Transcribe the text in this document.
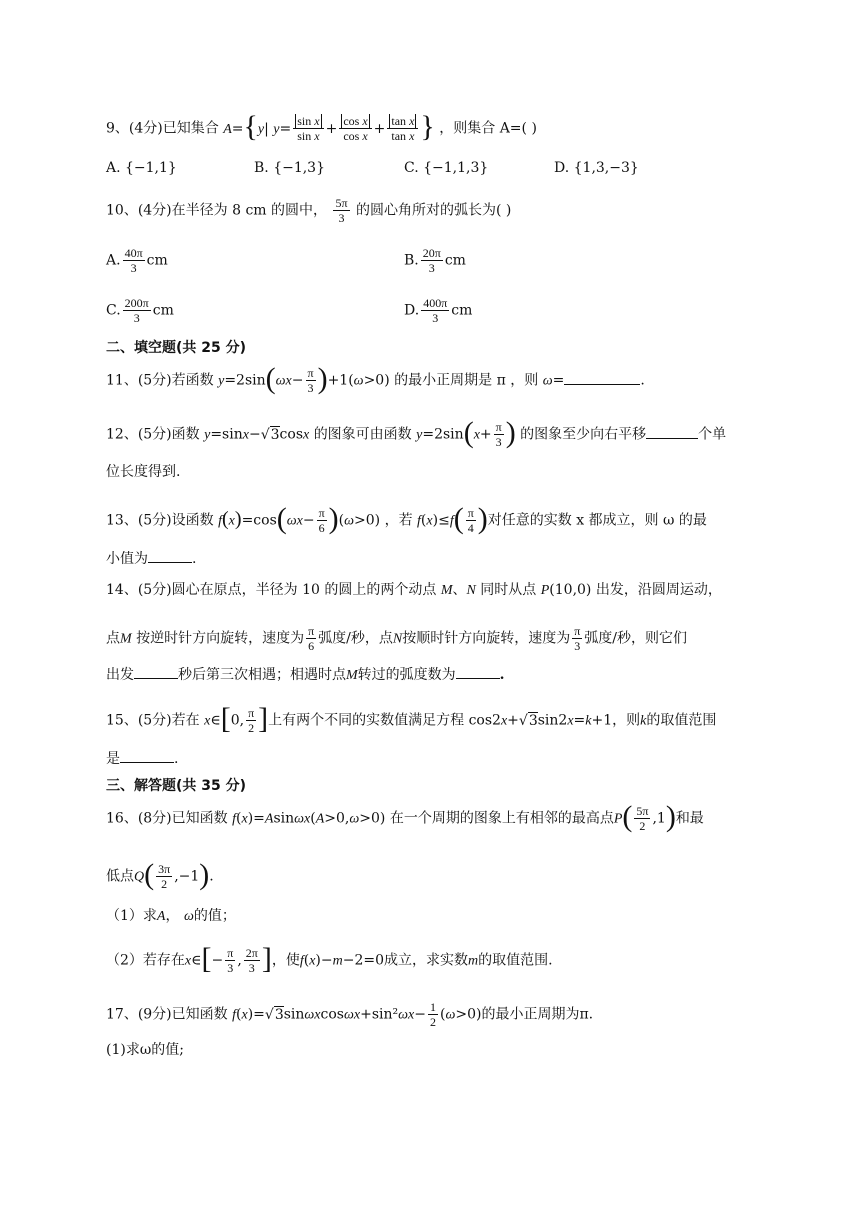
9、(4分)已知集合 A={y| $y= \frac{\text{sin x}}{\text{sin x}} + \frac{\text{cos x}}{\text{cos x}} + \frac{\text{tan x}}{\text{tan x}}$ } ，则集合 A=( )
A. {−1,1}	B. {−1,3}	C. {−1,1,3}	D. {1,3,−3}
10、(4分)在半径为 8 cm 的圆中， $\frac{5\pi}{3}$ 的圆心角所对的弧长为( )
A. $\frac{40\pi}{3}$ cm	B. $\frac{20\pi}{3}$ cm
C. $\frac{200\pi}{3}$ cm	D. $\frac{400\pi}{3}$ cm
二、填空题(共 25 分)
11、(5分)若函数 $y=2\sin(\omega x- \frac{\pi}{3} )+1(\omega>0)$ 的最小正周期是 π ，则 ω=	.
12、(5分)函数 y=sinx−√3cosx 的图象可由函数 $y=2\sin(x+ \frac{\pi}{3}$ ) 的图象至少向右平移	个单
位长度得到.
13、(5分)设函数 $f(x)=\cos(\omega x- \frac{\pi}{6} )(\omega>0)$ ，若 $f(x)\le f( \frac{\pi}{4}$ )对任意的实数 x 都成立，则 ω 的最
小值为	.
14、(5分)圆心在原点，半径为 10 的圆上的两个动点 M、N 同时从点 P(10,0) 出发，沿圆周运动，
点M 按逆时针方向旋转，速度为 $\frac{\pi}{6}$ 弧度/秒，点N按顺时针方向旋转，速度为 $\frac{\pi}{3}$ 弧度/秒，则它们
出发	秒后第三次相遇；相遇时点M转过的弧度数为	.
15、(5分)若在 x∈[0, $\frac{\pi}{2}$ ]上有两个不同的实数值满足方程 cos2x+√3sin2x=k+1，则k的取值范围
是	.
三、解答题(共 35 分)
16、(8分)已知函数 f(x)=Asinωx(A>0,ω>0) 在一个周期的图象上有相邻的最高点$P( \frac{5\pi}{2} ,1)$和最
低点$Q( \frac{3\pi}{2} ,-1)$.
（1）求A， ω的值；
（2）若存在x∈[− $\frac{\pi}{3}$ , $\frac{2\pi}{3}$ ]，使f(x)−m−2=0成立，求实数m的取值范围.
17、(9分)已知函数 $f(x)=√3\sin\omega xcos\omega x+\sin^2\omega x- \frac{1}{2} (\omega>0)$的最小正周期为π.
(1)求ω的值;
